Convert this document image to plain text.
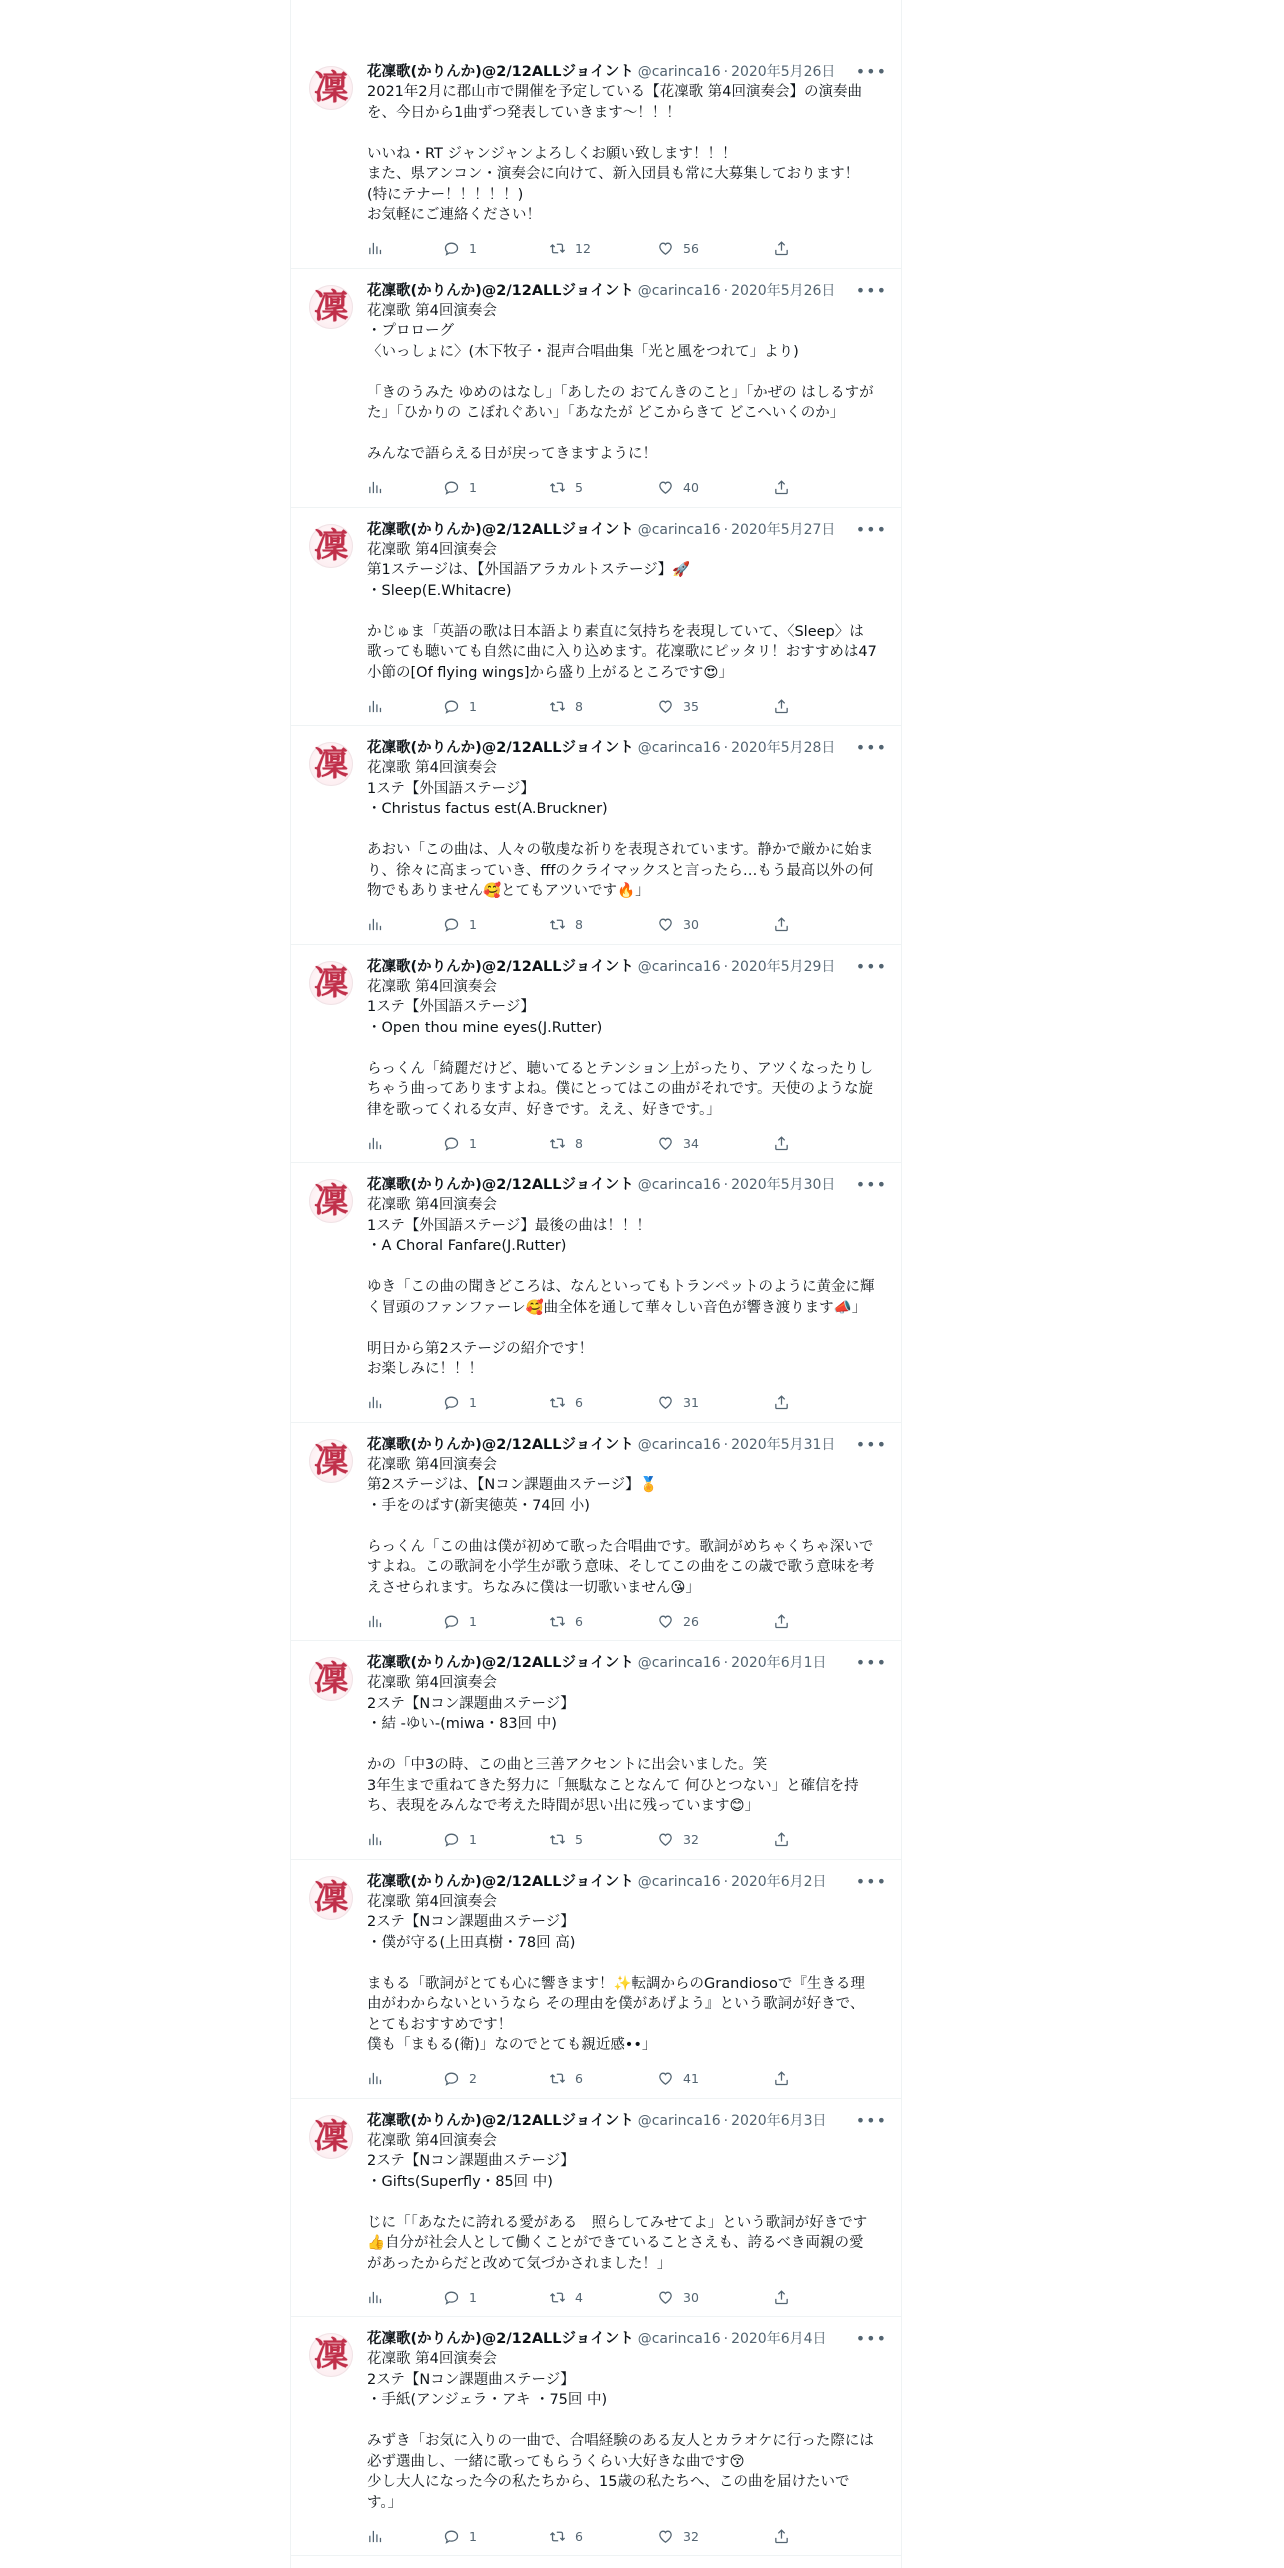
凜	•••
花凜歌(かりんか)@2/12ALLジョイント @carinca16 · 2020年5月26日
2021年2月に郡山市で開催を予定している【花凜歌 第4回演奏会】の演奏曲を、今日から1曲ずつ発表していきます〜！！！

いいね・RT ジャンジャンよろしくお願い致します！！！
また、県アンコン・演奏会に向けて、新入団員も常に大募集しております！(特にテナー！！！！！)
お気軽にご連絡ください！
1	12	56
凜	•••
花凜歌(かりんか)@2/12ALLジョイント @carinca16 · 2020年5月26日
花凜歌 第4回演奏会
・プロローグ
〈いっしょに〉(木下牧子・混声合唱曲集「光と風をつれて」より)

「きのうみた ゆめのはなし」「あしたの おてんきのこと」「かぜの はしるすがた」「ひかりの こぼれぐあい」「あなたが どこからきて どこへいくのか」

みんなで語らえる日が戻ってきますように！
1	5	40
凜	•••
花凜歌(かりんか)@2/12ALLジョイント @carinca16 · 2020年5月27日
花凜歌 第4回演奏会
第1ステージは、【外国語アラカルトステージ】🚀
・Sleep(E.Whitacre)

かじゅま「英語の歌は日本語より素直に気持ちを表現していて、〈Sleep〉は歌っても聴いても自然に曲に入り込めます。花凜歌にピッタリ！おすすめは47小節の[Of flying wings]から盛り上がるところです😍」
1	8	35
凜	•••
花凜歌(かりんか)@2/12ALLジョイント @carinca16 · 2020年5月28日
花凜歌 第4回演奏会
1ステ【外国語ステージ】
・Christus factus est(A.Bruckner)

あおい「この曲は、人々の敬虔な祈りを表現されています。静かで厳かに始まり、徐々に高まっていき、fffのクライマックスと言ったら…もう最高以外の何物でもありません🥰とてもアツいです🔥」
1	8	30
凜	•••
花凜歌(かりんか)@2/12ALLジョイント @carinca16 · 2020年5月29日
花凜歌 第4回演奏会
1ステ【外国語ステージ】
・Open thou mine eyes(J.Rutter)

らっくん「綺麗だけど、聴いてるとテンション上がったり、アツくなったりしちゃう曲ってありますよね。僕にとってはこの曲がそれです。天使のような旋律を歌ってくれる女声、好きです。ええ、好きです。」
1	8	34
凜	•••
花凜歌(かりんか)@2/12ALLジョイント @carinca16 · 2020年5月30日
花凜歌 第4回演奏会
1ステ【外国語ステージ】最後の曲は！！！
・A Choral Fanfare(J.Rutter)

ゆき「この曲の聞きどころは、なんといってもトランペットのように黄金に輝く冒頭のファンファーレ🥰曲全体を通して華々しい音色が響き渡ります📣」

明日から第2ステージの紹介です！
お楽しみに！！！
1	6	31
凜	•••
花凜歌(かりんか)@2/12ALLジョイント @carinca16 · 2020年5月31日
花凜歌 第4回演奏会
第2ステージは、【Nコン課題曲ステージ】🏅
・手をのばす(新実徳英・74回 小)

らっくん「この曲は僕が初めて歌った合唱曲です。歌詞がめちゃくちゃ深いですよね。この歌詞を小学生が歌う意味、そしてこの曲をこの歳で歌う意味を考えさせられます。ちなみに僕は一切歌いません😘」
1	6	26
凜	•••
花凜歌(かりんか)@2/12ALLジョイント @carinca16 · 2020年6月1日
花凜歌 第4回演奏会
2ステ【Nコン課題曲ステージ】
・結 -ゆい-(miwa・83回 中)

かの「中3の時、この曲と三善アクセントに出会いました。笑
3年生まで重ねてきた努力に「無駄なことなんて 何ひとつない」と確信を持ち、表現をみんなで考えた時間が思い出に残っています😊」
1	5	32
凜	•••
花凜歌(かりんか)@2/12ALLジョイント @carinca16 · 2020年6月2日
花凜歌 第4回演奏会
2ステ【Nコン課題曲ステージ】
・僕が守る(上田真樹・78回 高)

まもる「歌詞がとても心に響きます！✨転調からのGrandiosoで『生きる理由がわからないというなら その理由を僕があげよう』という歌詞が好きで、とてもおすすめです！
僕も「まもる(衛)」なのでとても親近感••」
2	6	41
凜	•••
花凜歌(かりんか)@2/12ALLジョイント @carinca16 · 2020年6月3日
花凜歌 第4回演奏会
2ステ【Nコン課題曲ステージ】
・Gifts(Superfly・85回 中)

じに「「あなたに誇れる愛がある　照らしてみせてよ」という歌詞が好きです👍自分が社会人として働くことができていることさえも、誇るべき両親の愛があったからだと改めて気づかされました！」
1	4	30
凜	•••
花凜歌(かりんか)@2/12ALLジョイント @carinca16 · 2020年6月4日
花凜歌 第4回演奏会
2ステ【Nコン課題曲ステージ】
・手紙(アンジェラ・アキ ・75回 中)

みずき「お気に入りの一曲で、合唱経験のある友人とカラオケに行った際には必ず選曲し、一緒に歌ってもらうくらい大好きな曲です😚
少し大人になった今の私たちから、15歳の私たちへ、この曲を届けたいです。」
1	6	32
